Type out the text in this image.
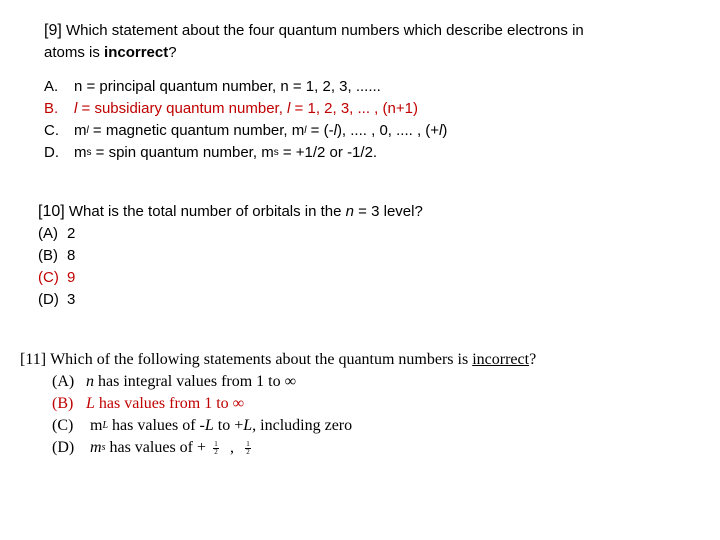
[9]
Which statement about the four quantum numbers which describe electrons in
atoms is
incorrect ?
A.	n = principal quantum number, n = 1, 2, 3, ......
B.	l = subsidiary quantum number, l = 1, 2, 3, ... , (n+1)
C.	m l = magnetic quantum number, m l = (- l ), .... , 0, .... , (+ l )
D.	m s = spin quantum number, m s = +1/2 or -1/2.
[10]
What is the total number of orbitals in the n = 3 level?
(A) 2
(B) 8
(C) 9
(D) 3
[11]
Which of the following statements about the quantum numbers is incorrect ?
(A) n has integral values from 1 to ∞
(B) L has values from 1 to ∞
(C)	m L has values of - L to + L , including zero
(D) m s has values of + $\frac{1}{2}$ , $\frac{1}{2}$
